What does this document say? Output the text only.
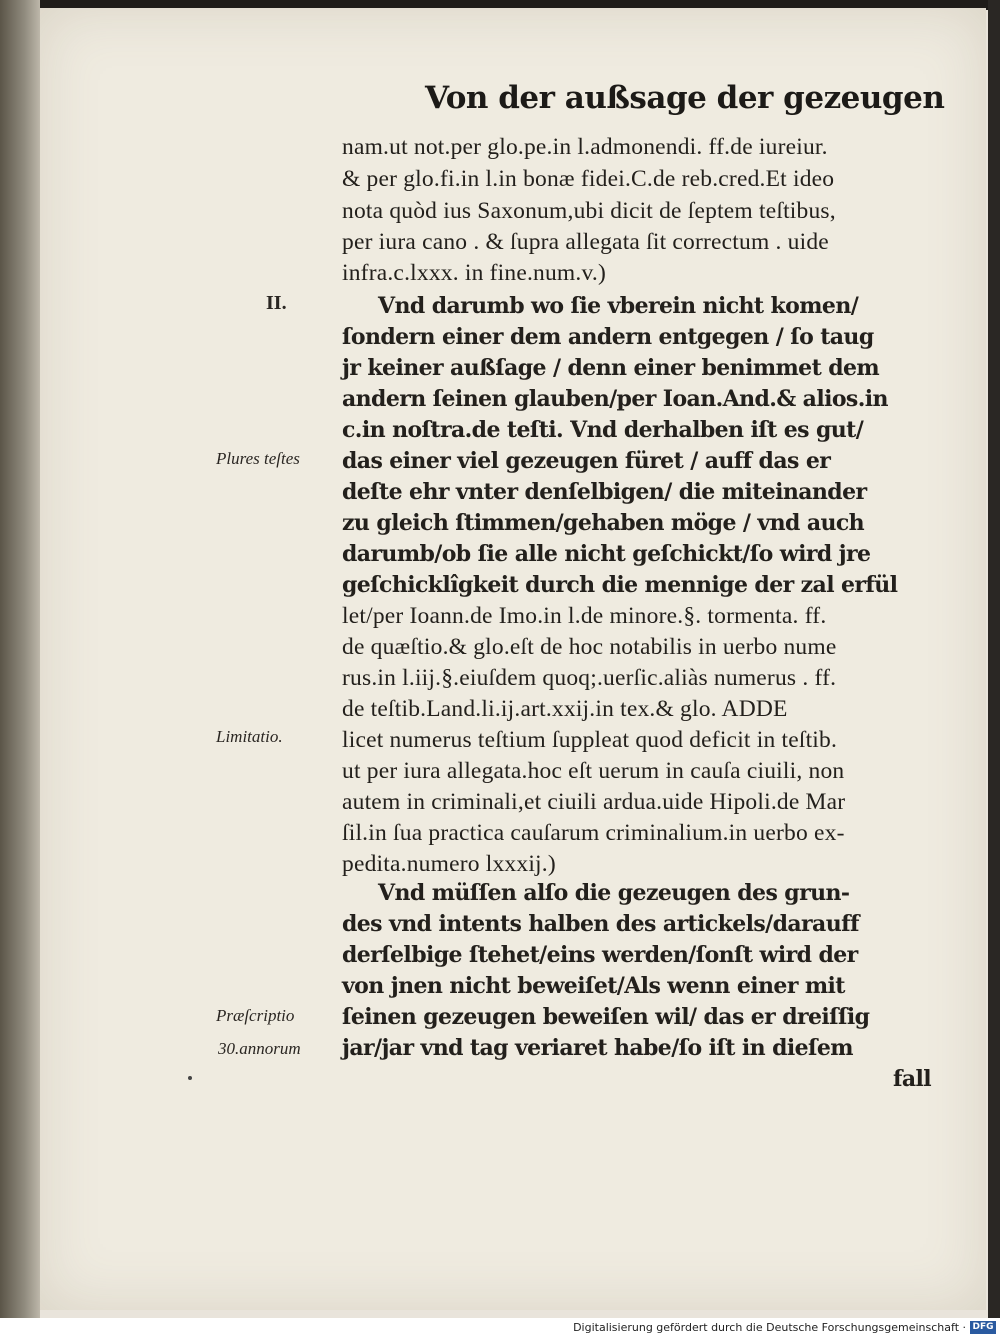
Von der außsage der gezeugen
nam.ut not.per glo.pe.in l.admonendi. ff.de iureiur.
& per glo.fi.in l.in bonæ fidei.C.de reb.cred.Et ideo
nota quòd ius Saxonum,ubi dicit de ſeptem teſtibus,
per iura cano . & ſupra allegata ſit correctum . uide
infra.c.lxxx. in fine.num.v.)
Vnd darumb wo ſie vberein nicht komen/
ſondern einer dem andern entgegen / ſo taug
jr keiner außſage / denn einer benimmet dem
andern ſeinen glauben/per Ioan.And.& alios.in
c.in noſtra.de teſti. Vnd derhalben iſt es gut/
das einer viel gezeugen füret / auff das er
deſte ehr vnter denſelbigen/ die miteinander
zu gleich ſtimmen/gehaben möge / vnd auch
darumb/ob ſie alle nicht geſchickt/ſo wird jre
geſchicklîgkeit durch die mennige der zal erfül
let/per Ioann.de Imo.in l.de minore.§. tormenta. ff.
de quæſtio.& glo.eſt de hoc notabilis in uerbo nume
rus.in l.iij.§.eiuſdem quoq;.uerſic.aliàs numerus . ff.
de teſtib.Land.li.ij.art.xxij.in tex.& glo. ADDE
licet numerus teſtium ſuppleat quod deficit in teſtib.
ut per iura allegata.hoc eſt uerum in cauſa ciuili, non
autem in criminali,et ciuili ardua.uide Hipoli.de Mar
ſil.in ſua practica cauſarum criminalium.in uerbo ex-
pedita.numero lxxxij.)
Vnd müſſen alſo die gezeugen des grun-
des vnd intents halben des artickels/darauff
derſelbige ſtehet/eins werden/ſonſt wird der
von jnen nicht beweiſet/Als wenn einer mit
ſeinen gezeugen beweiſen wil/ das er dreiſſig
jar/jar vnd tag veriaret habe/ſo iſt in dieſem
fall
II.
Plures teſtes
Limitatio.
Præſcriptio
30.annorum
Digitalisierung gefördert durch die Deutsche Forschungsgemeinschaft · DFG
